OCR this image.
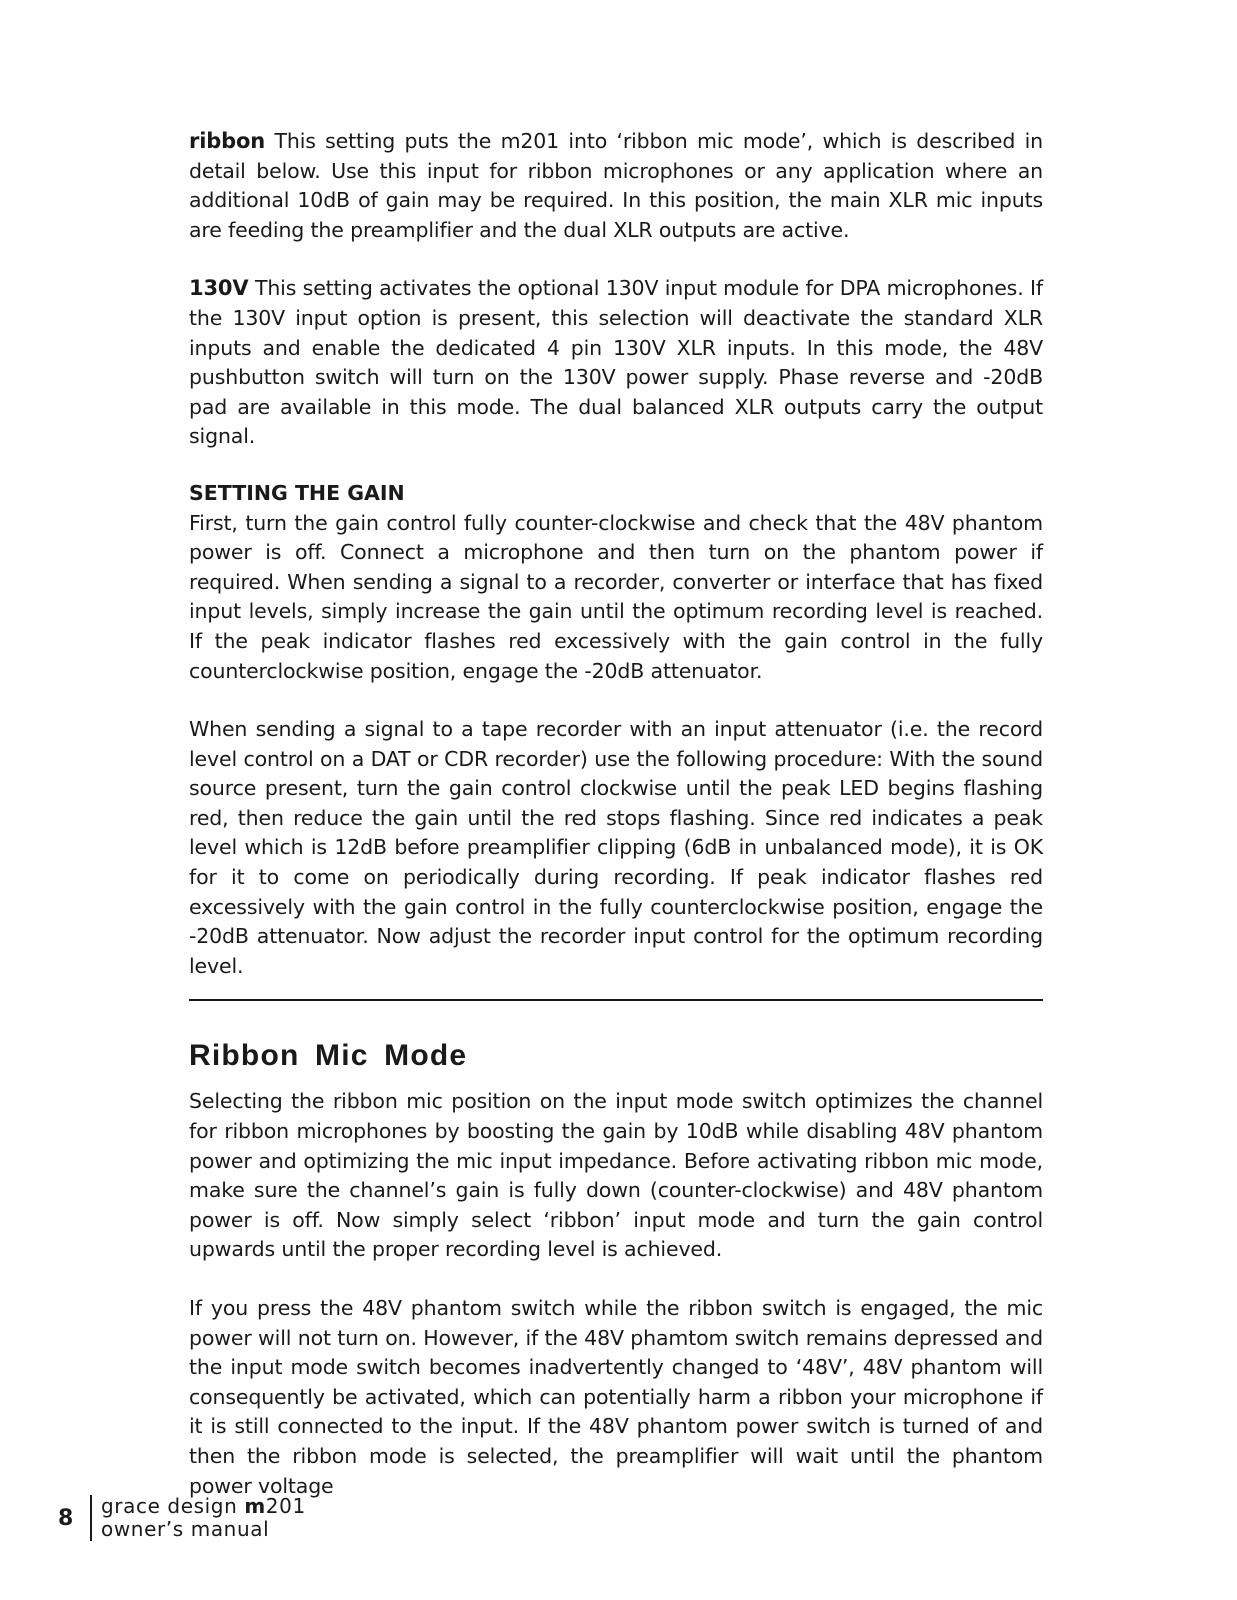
ribbon This setting puts the m201 into ‘ribbon mic mode’, which is described in detail below. Use this input for ribbon microphones or any application where an additional 10dB of gain may be required. In this position, the main XLR mic inputs are feeding the preamplifier and the dual XLR outputs are active.

130V This setting activates the optional 130V input module for DPA microphones. If the 130V input option is present, this selection will deactivate the standard XLR inputs and enable the dedicated 4 pin 130V XLR inputs. In this mode, the 48V pushbutton switch will turn on the 130V power supply. Phase reverse and -20dB pad are available in this mode. The dual balanced XLR outputs carry the output signal.

SETTING THE GAIN

First, turn the gain control fully counter-clockwise and check that the 48V phantom power is off. Connect a microphone and then turn on the phantom power if required. When sending a signal to a recorder, converter or interface that has fixed input levels, simply increase the gain until the optimum recording level is reached. If the peak indicator flashes red excessively with the gain control in the fully counterclockwise position, engage the -20dB attenuator.

When sending a signal to a tape recorder with an input attenuator (i.e. the record level control on a DAT or CDR recorder) use the following procedure: With the sound source present, turn the gain control clockwise until the peak LED begins flashing red, then reduce the gain until the red stops flashing. Since red indicates a peak level which is 12dB before preamplifier clipping (6dB in unbalanced mode), it is OK for it to come on periodically during recording. If peak indicator flashes red excessively with the gain control in the fully counterclockwise position, engage the -20dB attenuator. Now adjust the recorder input control for the optimum recording level.

Ribbon Mic Mode

Selecting the ribbon mic position on the input mode switch optimizes the channel for ribbon microphones by boosting the gain by 10dB while disabling 48V phantom power and optimizing the mic input impedance. Before activating ribbon mic mode, make sure the channel’s gain is fully down (counter-clockwise) and 48V phantom power is off. Now simply select ‘ribbon’ input mode and turn the gain control upwards until the proper recording level is achieved.

If you press the 48V phantom switch while the ribbon switch is engaged, the mic power will not turn on. However, if the 48V phamtom switch remains depressed and the input mode switch becomes inadvertently changed to ‘48V’, 48V phantom will consequently be activated, which can potentially harm a ribbon your microphone if it is still connected to the input. If the 48V phantom power switch is turned of and then the ribbon mode is selected, the preamplifier will wait until the phantom power voltage

8	grace design m201
owner’s manual
